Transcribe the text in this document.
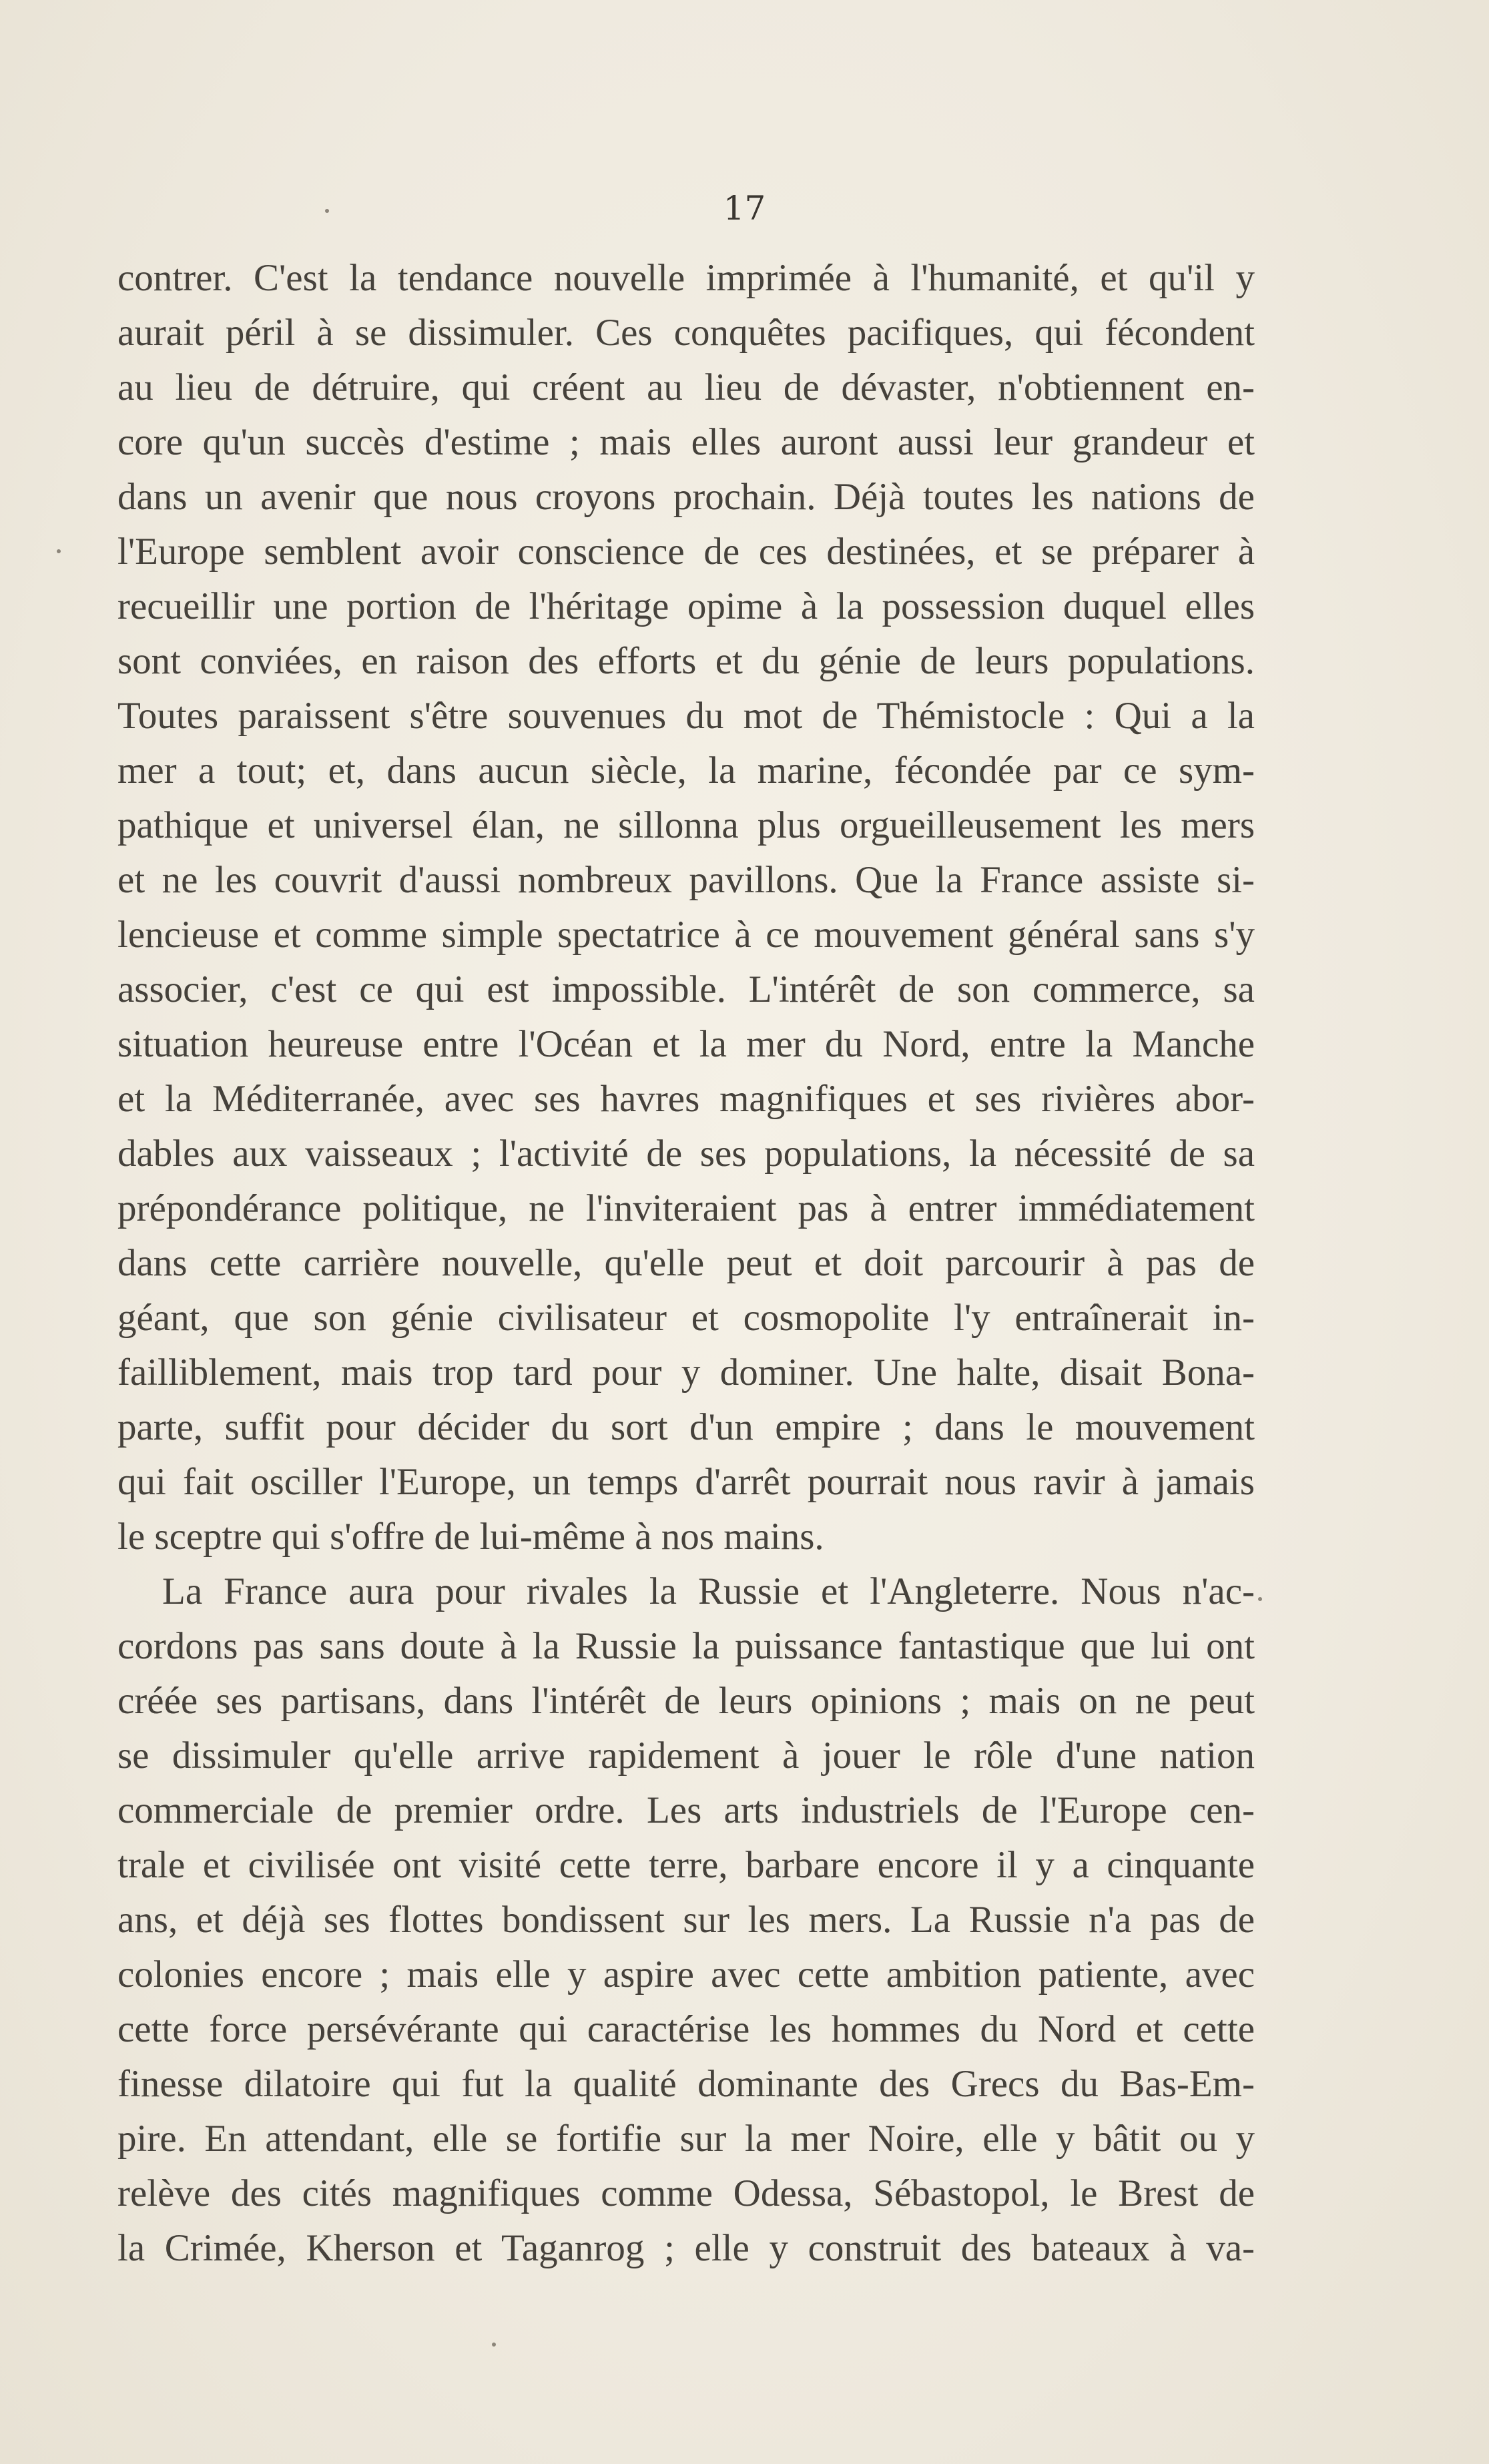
17
contrer. C'est la tendance nouvelle imprimée à l'humanité, et qu'il y
aurait péril à se dissimuler. Ces conquêtes pacifiques, qui fécondent
au lieu de détruire, qui créent au lieu de dévaster, n'obtiennent en-
core qu'un succès d'estime ; mais elles auront aussi leur grandeur et
dans un avenir que nous croyons prochain. Déjà toutes les nations de
l'Europe semblent avoir conscience de ces destinées, et se préparer à
recueillir une portion de l'héritage opime à la possession duquel elles
sont conviées, en raison des efforts et du génie de leurs populations.
Toutes paraissent s'être souvenues du mot de Thémistocle : Qui a la
mer a tout; et, dans aucun siècle, la marine, fécondée par ce sym-
pathique et universel élan, ne sillonna plus orgueilleusement les mers
et ne les couvrit d'aussi nombreux pavillons. Que la France assiste si-
lencieuse et comme simple spectatrice à ce mouvement général sans s'y
associer, c'est ce qui est impossible. L'intérêt de son commerce, sa
situation heureuse entre l'Océan et la mer du Nord, entre la Manche
et la Méditerranée, avec ses havres magnifiques et ses rivières abor-
dables aux vaisseaux ; l'activité de ses populations, la nécessité de sa
prépondérance politique, ne l'inviteraient pas à entrer immédiatement
dans cette carrière nouvelle, qu'elle peut et doit parcourir à pas de
géant, que son génie civilisateur et cosmopolite l'y entraînerait in-
failliblement, mais trop tard pour y dominer. Une halte, disait Bona-
parte, suffit pour décider du sort d'un empire ; dans le mouvement
qui fait osciller l'Europe, un temps d'arrêt pourrait nous ravir à jamais
le sceptre qui s'offre de lui-même à nos mains.
La France aura pour rivales la Russie et l'Angleterre. Nous n'ac-
cordons pas sans doute à la Russie la puissance fantastique que lui ont
créée ses partisans, dans l'intérêt de leurs opinions ; mais on ne peut
se dissimuler qu'elle arrive rapidement à jouer le rôle d'une nation
commerciale de premier ordre. Les arts industriels de l'Europe cen-
trale et civilisée ont visité cette terre, barbare encore il y a cinquante
ans, et déjà ses flottes bondissent sur les mers. La Russie n'a pas de
colonies encore ; mais elle y aspire avec cette ambition patiente, avec
cette force persévérante qui caractérise les hommes du Nord et cette
finesse dilatoire qui fut la qualité dominante des Grecs du Bas-Em-
pire. En attendant, elle se fortifie sur la mer Noire, elle y bâtit ou y
relève des cités magnifiques comme Odessa, Sébastopol, le Brest de
la Crimée, Kherson et Taganrog ; elle y construit des bateaux à va-
